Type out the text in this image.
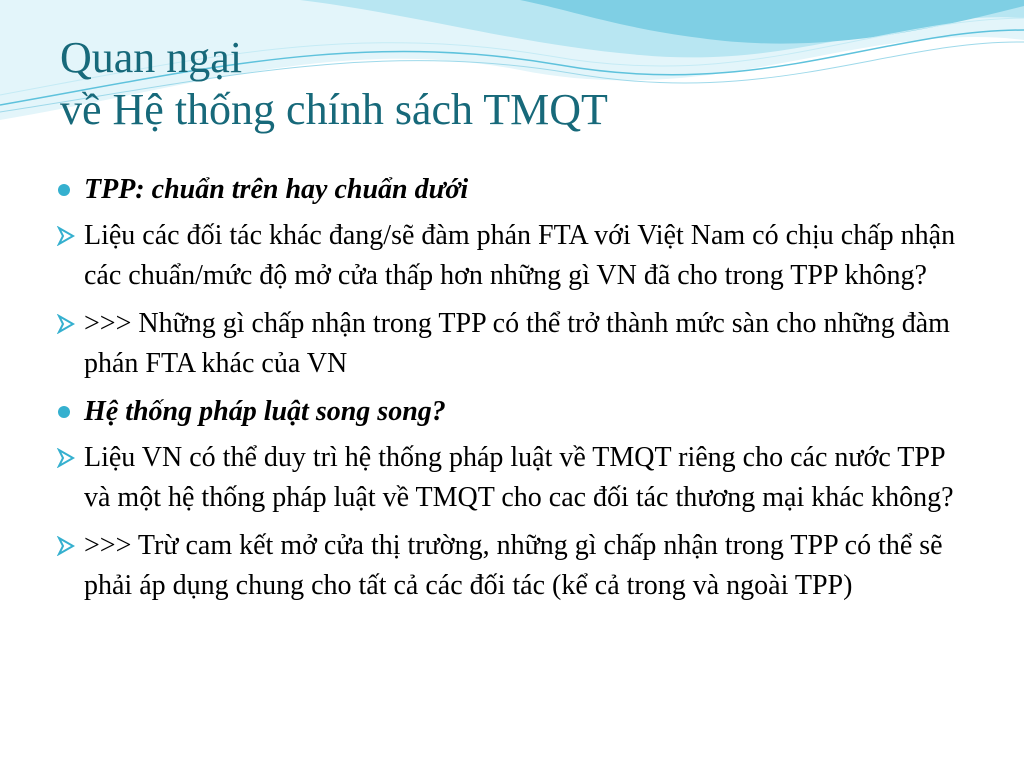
Quan ngại
về Hệ thống chính sách TMQT
TPP: chuẩn trên hay chuẩn dưới
Liệu các đối tác khác đang/sẽ đàm phán FTA với Việt Nam có chịu chấp nhận các chuẩn/mức độ mở cửa thấp hơn những gì VN đã cho trong TPP không?
>>> Những gì chấp nhận trong TPP có thể trở thành mức sàn cho những đàm phán FTA khác của VN
Hệ thống pháp luật song song?
Liệu VN có thể duy trì hệ thống pháp luật về TMQT riêng cho các nước TPP và một hệ thống pháp luật về TMQT cho cac đối tác thương mại khác không?
>>> Trừ cam kết mở cửa thị trường, những gì chấp nhận trong TPP có thể sẽ phải áp dụng chung cho tất cả các đối tác (kể cả trong và ngoài TPP)
